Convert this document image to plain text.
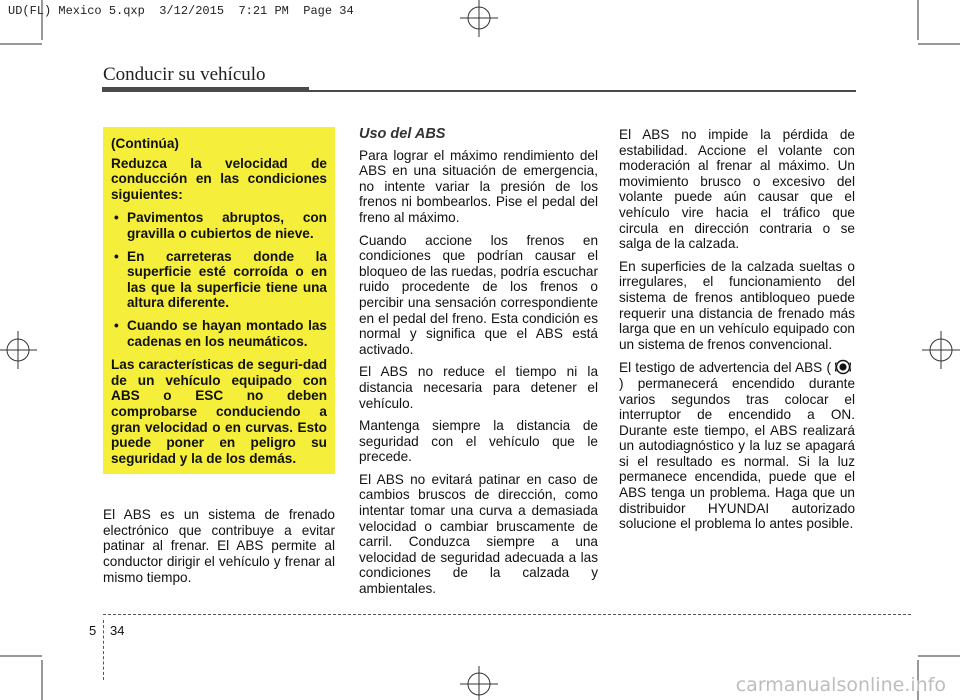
UD(FL) Mexico 5.qxp  3/12/2015  7:21 PM  Page 34
Conducir su vehículo

(Continúa)

Reduzca la velocidad de conducción en las condiciones siguientes:

• Pavimentos abruptos, con gravilla o cubiertos de nieve.
• En carreteras donde la superficie esté corroída o en las que la superficie tiene una altura diferente.
• Cuando se hayan montado las cadenas en los neumáticos.

Las características de seguri-dad de un vehículo equipado con ABS o ESC no deben comprobarse conduciendo a gran velocidad o en curvas. Esto puede poner en peligro su seguridad y la de los demás.

El ABS es un sistema de frenado electrónico que contribuye a evitar patinar al frenar. El ABS permite al conductor dirigir el vehículo y frenar al mismo tiempo.

Uso del ABS

Para lograr el máximo rendimiento del ABS en una situación de emergencia, no intente variar la presión de los frenos ni bombearlos. Pise el pedal del freno al máximo.

Cuando accione los frenos en condiciones que podrían causar el bloqueo de las ruedas, podría escuchar ruido procedente de los frenos o percibir una sensación correspondiente en el pedal del freno. Esta condición es normal y significa que el ABS está activado.

El ABS no reduce el tiempo ni la distancia necesaria para detener el vehículo.

Mantenga siempre la distancia de seguridad con el vehículo que le precede.

El ABS no evitará patinar en caso de cambios bruscos de dirección, como intentar tomar una curva a demasiada velocidad o cambiar bruscamente de carril. Conduzca siempre a una velocidad de seguridad adecuada a las condiciones de la calzada y ambientales.

El ABS no impide la pérdida de estabilidad. Accione el volante con moderación al frenar al máximo. Un movimiento brusco o excesivo del volante puede aún causar que el vehículo vire hacia el tráfico que circula en dirección contraria o se salga de la calzada.

En superficies de la calzada sueltas o irregulares, el funcionamiento del sistema de frenos antibloqueo puede requerir una distancia de frenado más larga que en un vehículo equipado con un sistema de frenos convencional.

El testigo de advertencia del ABS () permanecerá encendido durante varios segundos tras colocar el interruptor de encendido a ON. Durante este tiempo, el ABS realizará un autodiagnóstico y la luz se apagará si el resultado es normal. Si la luz permanece encendida, puede que el ABS tenga un problema. Haga que un distribuidor HYUNDAI autorizado solucione el problema lo antes posible.

5 34
carmanualsonline.info
